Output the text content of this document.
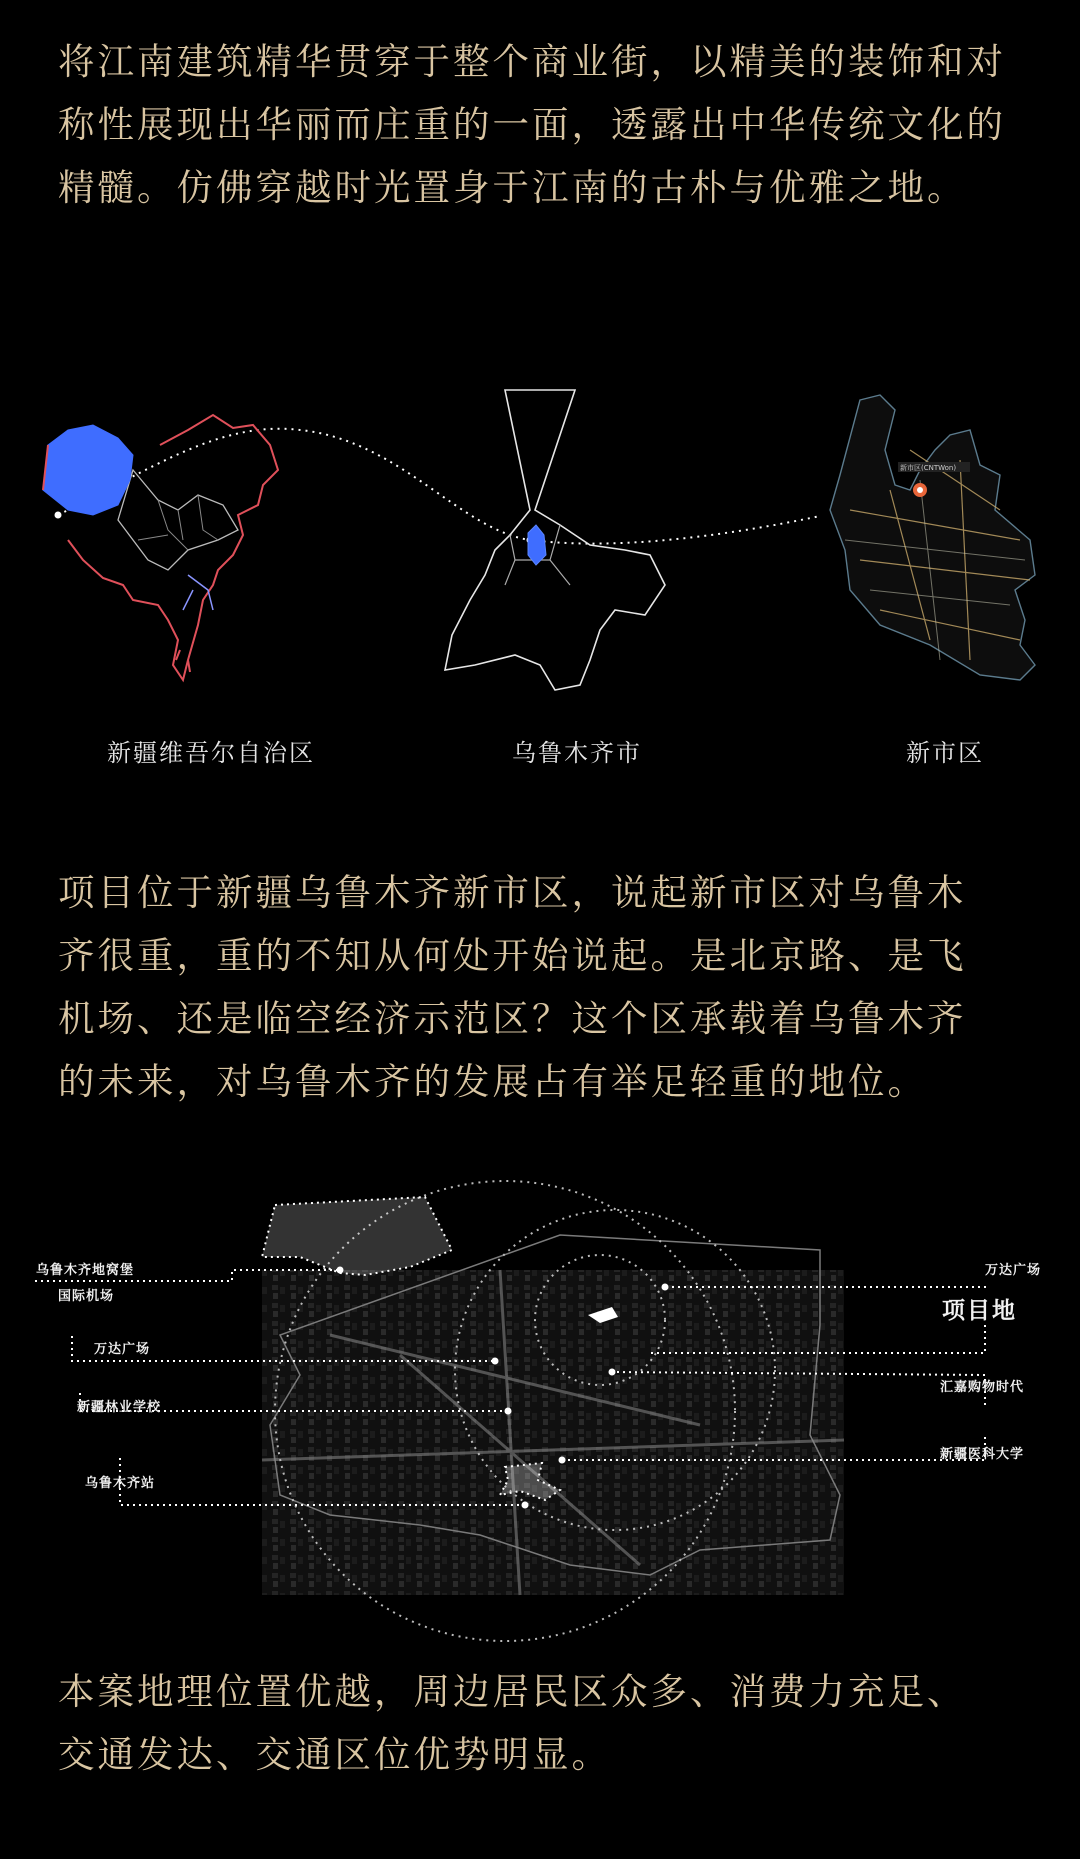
将江南建筑精华贯穿于整个商业街，以精美的装饰和对
称性展现出华丽而庄重的一面，透露出中华传统文化的
精髓。仿佛穿越时光置身于江南的古朴与优雅之地。
新市区(CNTWon)
新疆维吾尔自治区	乌鲁木齐市	新市区
项目位于新疆乌鲁木齐新市区，说起新市区对乌鲁木
齐很重，重的不知从何处开始说起。是北京路、是飞
机场、还是临空经济示范区？这个区承载着乌鲁木齐
的未来，对乌鲁木齐的发展占有举足轻重的地位。
乌鲁木齐地窝堡
国际机场
万达广场
新疆林业学校
乌鲁木齐站
万达广场
项目地
汇嘉购物时代
新疆医科大学
本案地理位置优越，周边居民区众多、消费力充足、
交通发达、交通区位优势明显。
